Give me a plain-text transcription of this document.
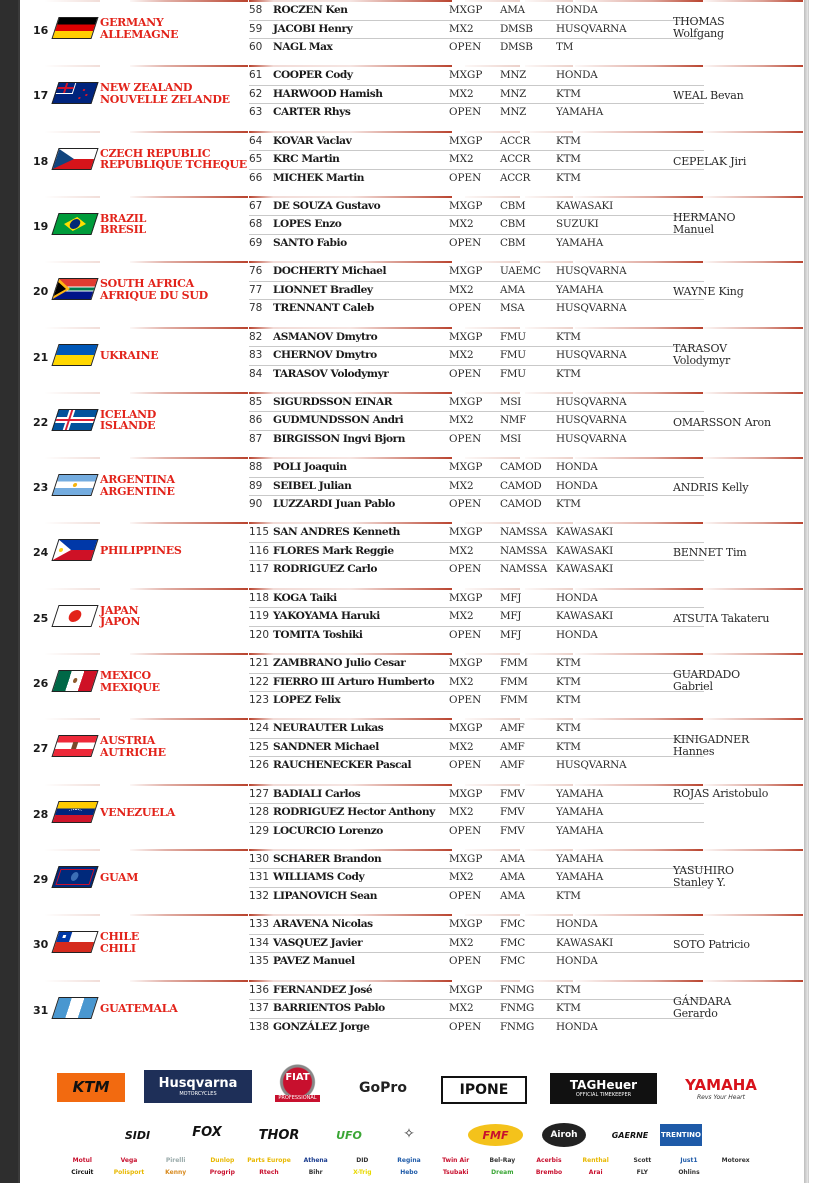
16
GERMANY
ALLEMAGNE
58 ROCZEN Ken	MXGP AMA	HONDA
59 JACOBI Henry	MX2	DMSB HUSQVARNA
60 NAGL Max	OPEN DMSB TM
THOMAS
Wolfgang
17
NEW ZEALAND
NOUVELLE ZELANDE
61 COOPER Cody	MXGP MNZ	HONDA
62 HARWOOD Hamish	MX2	MNZ	KTM
63 CARTER Rhys	OPEN MNZ	YAMAHA
WEAL Bevan
18
CZECH REPUBLIC
REPUBLIQUE TCHEQUE
64 KOVAR Vaclav	MXGP ACCR KTM
65 KRC Martin	MX2	ACCR KTM
66 MICHEK Martin	OPEN ACCR KTM
CEPELAK Jiri
19
BRAZIL
BRESIL
67 DE SOUZA Gustavo	MXGP CBM	KAWASAKI
68 LOPES Enzo	MX2	CBM	SUZUKI
69 SANTO Fabio	OPEN CBM	YAMAHA
HERMANO
Manuel
20
SOUTH AFRICA
AFRIQUE DU SUD
76 DOCHERTY Michael	MXGP UAEMC HUSQVARNA
77 LIONNET Bradley	MX2	AMA	YAMAHA
78 TRENNANT Caleb	OPEN MSA	HUSQVARNA
WAYNE King
21	UKRAINE
82 ASMANOV Dmytro	MXGP FMU	KTM
83 CHERNOV Dmytro	MX2	FMU	HUSQVARNA
84 TARASOV Volodymyr	OPEN FMU	KTM
TARASOV
Volodymyr
22
ICELAND
ISLANDE
85 SIGURDSSON EINAR	MXGP MSI	HUSQVARNA
86 GUDMUNDSSON Andri	MX2	NMF	HUSQVARNA
87 BIRGISSON Ingvi Bjorn	OPEN MSI	HUSQVARNA
OMARSSON Aron
23
ARGENTINA
ARGENTINE
88 POLI Joaquin	MXGP CAMOD HONDA
89 SEIBEL Julian	MX2	CAMOD HONDA
90 LUZZARDI Juan Pablo	OPEN CAMOD KTM
ANDRIS Kelly
24	PHILIPPINES
115 SAN ANDRES Kenneth	MXGP NAMSSA KAWASAKI
116 FLORES Mark Reggie	MX2	NAMSSA KAWASAKI
117 RODRIGUEZ Carlo	OPEN NAMSSA KAWASAKI
BENNET Tim
25
JAPAN
JAPON
118 KOGA Taiki	MXGP MFJ	HONDA
119 YAKOYAMA Haruki	MX2	MFJ	KAWASAKI
120 TOMITA Toshiki	OPEN MFJ	HONDA
ATSUTA Takateru
26
MEXICO
MEXIQUE
121 ZAMBRANO Julio Cesar	MXGP FMM	KTM
122 FIERRO III Arturo Humberto	MX2	FMM	KTM
123 LOPEZ Felix	OPEN FMM	KTM
GUARDADO
Gabriel
27
AUSTRIA
AUTRICHE
124 NEURAUTER Lukas	MXGP AMF	KTM
125 SANDNER Michael	MX2	AMF	KTM
126 RAUCHENECKER Pascal	OPEN AMF	HUSQVARNA
KINIGADNER
Hannes
28	VENEZUELA
127 BADIALI Carlos	MXGP FMV	YAMAHA
128 RODRIGUEZ Hector Anthony	MX2	FMV	YAMAHA
129 LOCURCIO Lorenzo	OPEN FMV	YAMAHA
ROJAS Aristobulo
29	GUAM
130 SCHARER Brandon	MXGP AMA	YAMAHA
131 WILLIAMS Cody	MX2	AMA	YAMAHA
132 LIPANOVICH Sean	OPEN AMA	KTM
YASUHIRO
Stanley Y.
30
CHILE
CHILI
133 ARAVENA Nicolas	MXGP FMC	HONDA
134 VASQUEZ Javier	MX2	FMC	KAWASAKI
135 PAVEZ Manuel	OPEN FMC	HONDA
SOTO Patricio
31	GUATEMALA
136 FERNANDEZ José	MXGP FNMG KTM
137 BARRIENTOS Pablo	MX2	FNMG KTM
138 GONZÁLEZ Jorge	OPEN FNMG HONDA
GÁNDARA
Gerardo
KTM	Husqvarna
MOTORCYCLES
FIAT
PROFESSIONAL
GoPro	IPONE	TAGHeuer
OFFICIAL TIMEKEEPER
YAMAHA
Revs Your Heart
SIDI	FOX	THOR	UFO	✧	FMF	Airoh	GAERNE	TRENTINO
Motul	Vega	Pirelli	Dunlop	Parts Europe	Athena	DID	Regina	Twin Air	Bel-Ray	Acerbis	Renthal	Scott	Just1	Motorex
Circuit	Polisport	Kenny	Progrip	Rtech	Bihr	X-Trig	Hebo	Tsubaki	Dream	Brembo	Arai	FLY	Ohlins
